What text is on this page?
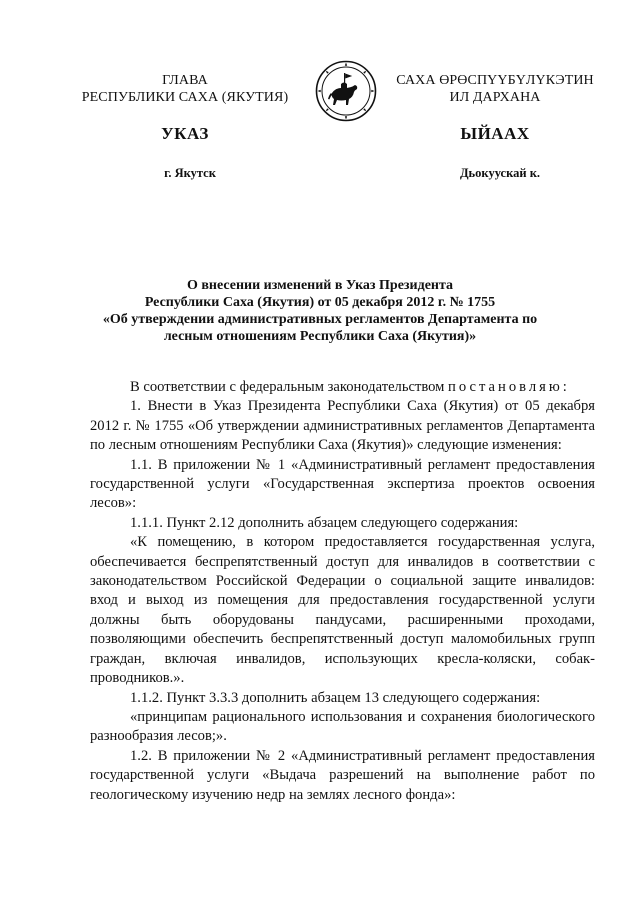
ГЛАВА
РЕСПУБЛИКИ САХА (ЯКУТИЯ)
САХА ӨРӨСПҮҮБҮЛҮКЭТИН
ИЛ ДАРХАНА
УКАЗ	ЫЙААХ
г. Якутск	Дьокуускай к.
О внесении изменений в Указ Президента
Республики Саха (Якутия) от 05 декабря 2012 г. № 1755
«Об утверждении административных регламентов Департамента по
лесным отношениям Республики Саха (Якутия)»

В соответствии с федеральным законодательством постановляю:

1. Внести в Указ Президента Республики Саха (Якутия) от 05 декабря 2012 г. № 1755 «Об утверждении административных регламентов Департамента по лесным отношениям Республики Саха (Якутия)» следующие изменения:

1.1. В приложении № 1 «Административный регламент предоставления государственной услуги «Государственная экспертиза проектов освоения лесов»:

1.1.1. Пункт 2.12 дополнить абзацем следующего содержания:

«К помещению, в котором предоставляется государственная услуга, обеспечивается беспрепятственный доступ для инвалидов в соответствии с законодательством Российской Федерации о социальной защите инвалидов: вход и выход из помещения для предоставления государственной услуги должны быть оборудованы пандусами, расширенными проходами, позволяющими обеспечить беспрепятственный доступ маломобильных групп граждан, включая инвалидов, использующих кресла-коляски, собак-проводников.».

1.1.2. Пункт 3.3.3 дополнить абзацем 13 следующего содержания:

«принципам рационального использования и сохранения биологического разнообразия лесов;».

1.2. В приложении № 2 «Административный регламент предоставления государственной услуги «Выдача разрешений на выполнение работ по геологическому изучению недр на землях лесного фонда»:
